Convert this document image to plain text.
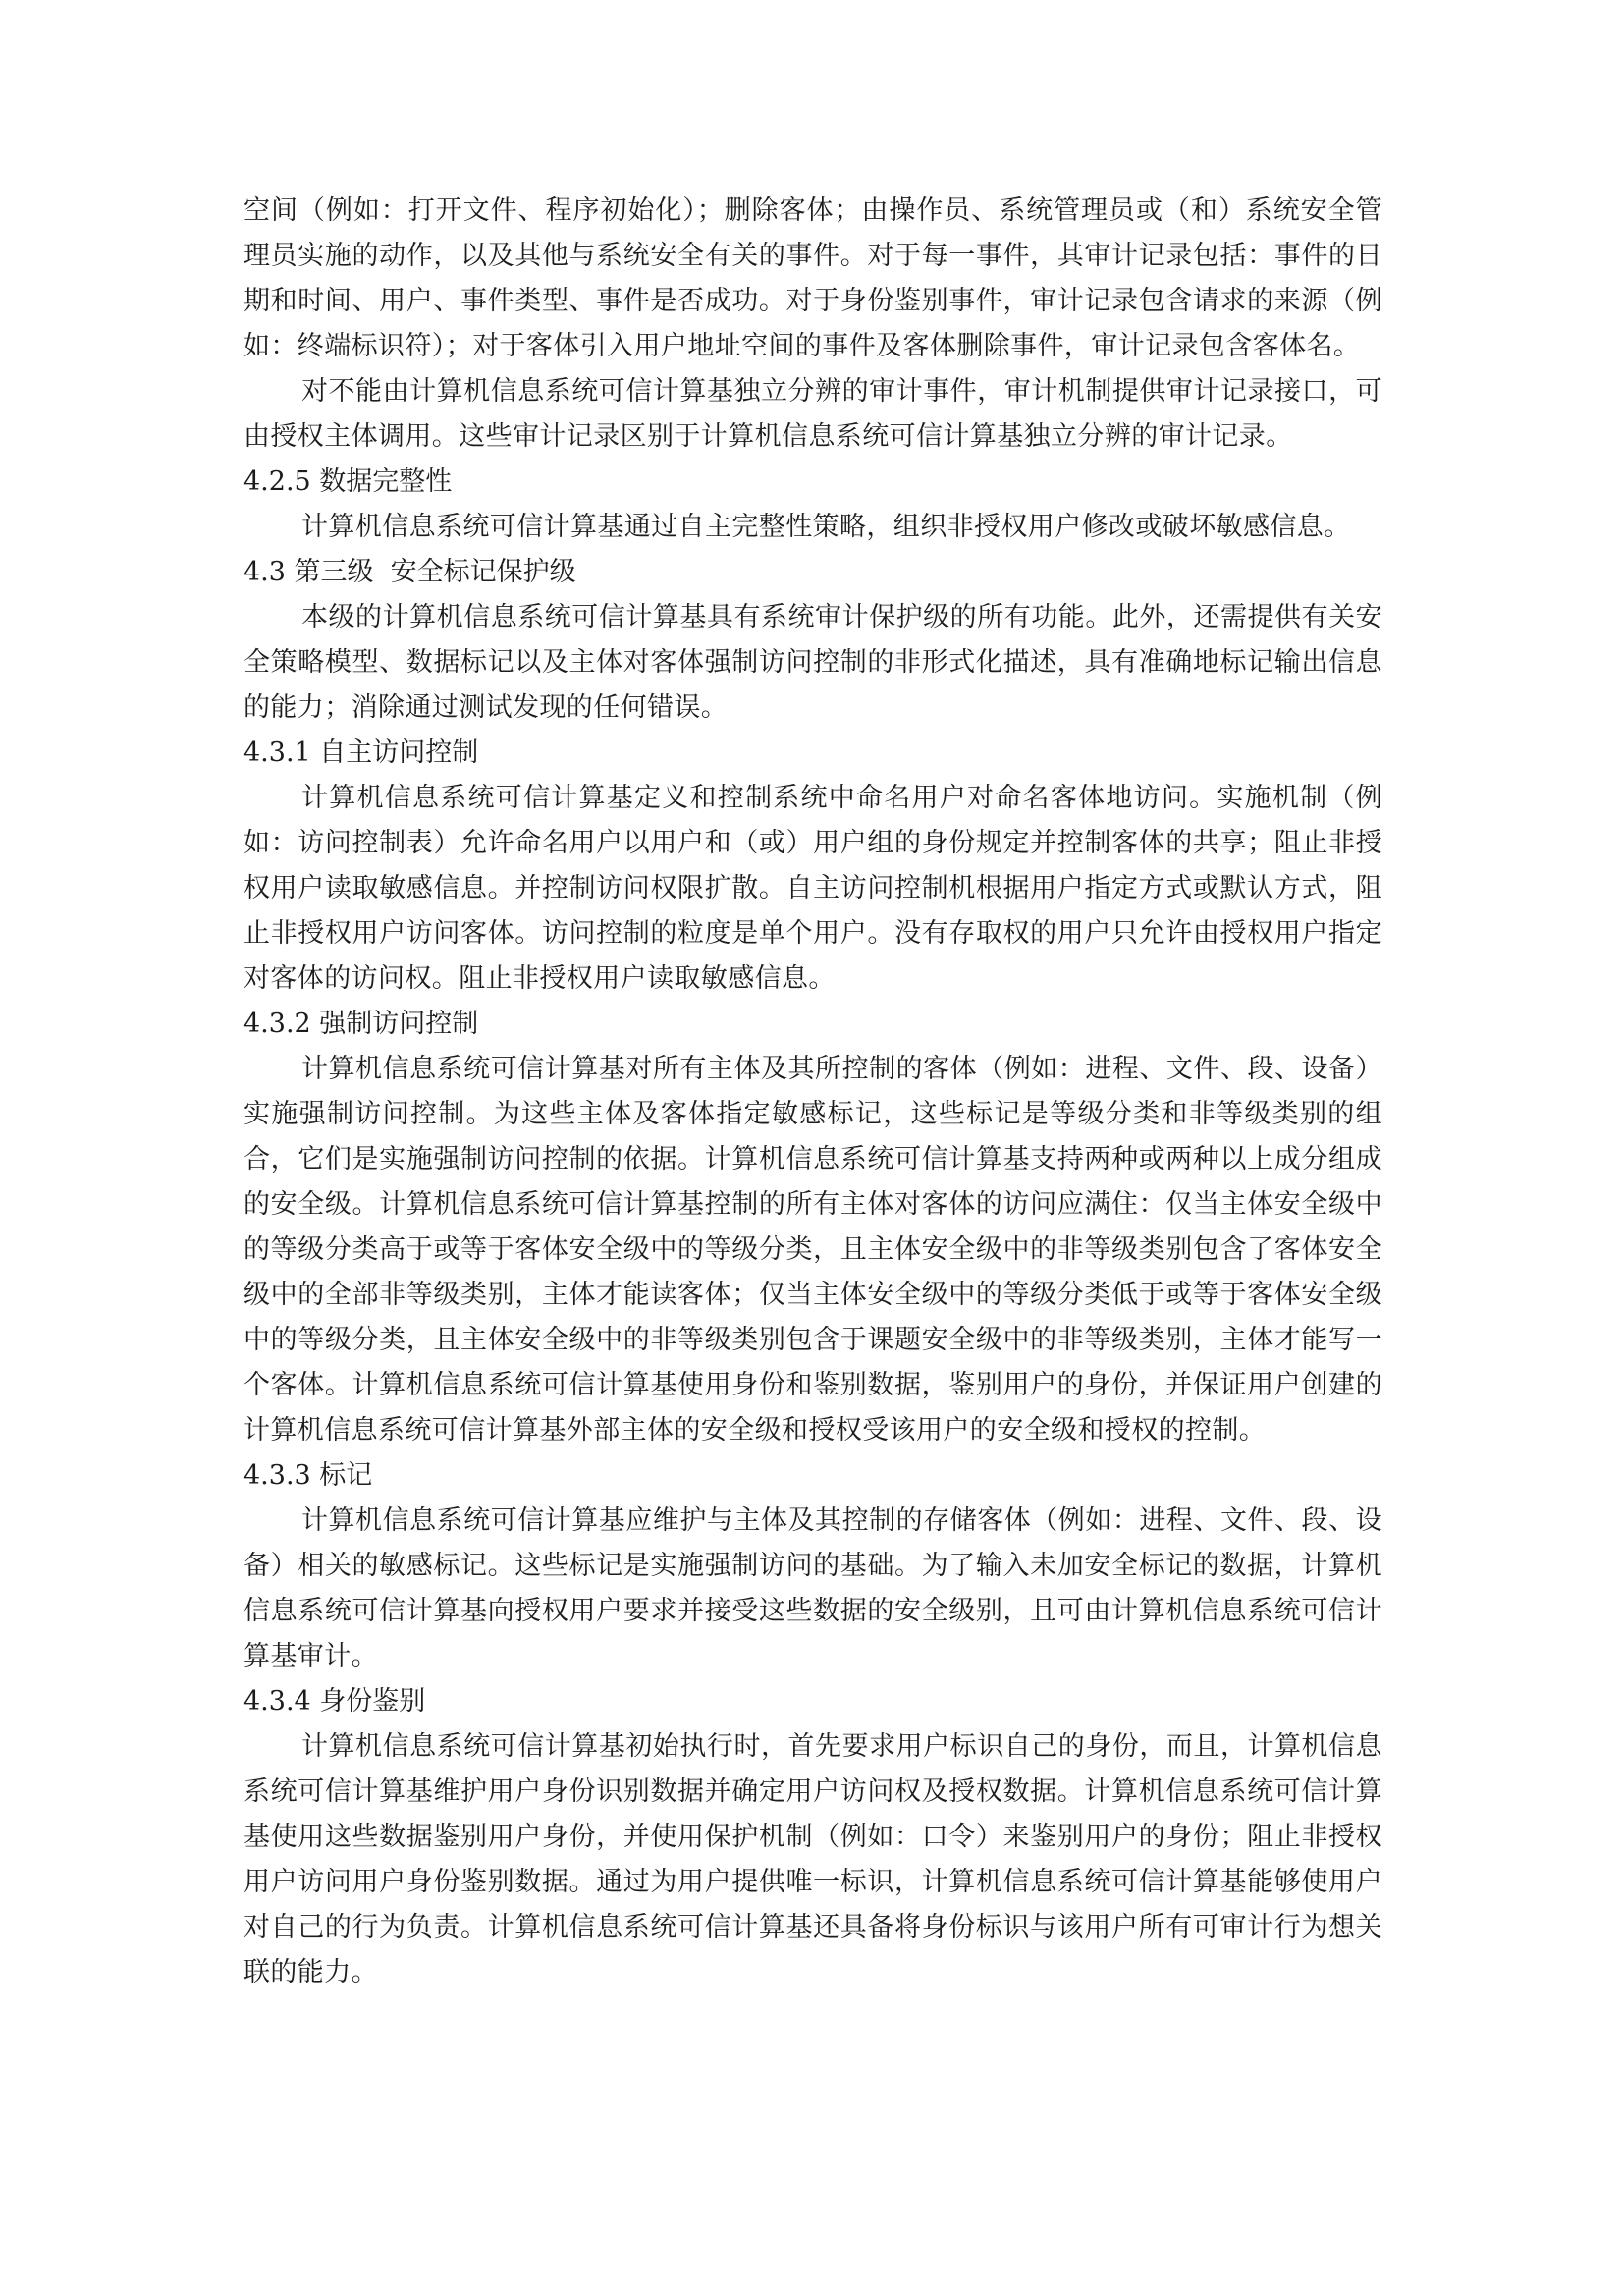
空间（例如：打开文件、程序初始化）；删除客体；由操作员、系统管理员或（和）系统安全管理员实施的动作，以及其他与系统安全有关的事件。对于每一事件，其审计记录包括：事件的日期和时间、用户、事件类型、事件是否成功。对于身份鉴别事件，审计记录包含请求的来源（例如：终端标识符）；对于客体引入用户地址空间的事件及客体删除事件，审计记录包含客体名。

对不能由计算机信息系统可信计算基独立分辨的审计事件，审计机制提供审计记录接口，可由授权主体调用。这些审计记录区别于计算机信息系统可信计算基独立分辨的审计记录。

4.2.5 数据完整性

计算机信息系统可信计算基通过自主完整性策略，组织非授权用户修改或破坏敏感信息。

4.3 第三级  安全标记保护级

本级的计算机信息系统可信计算基具有系统审计保护级的所有功能。此外，还需提供有关安全策略模型、数据标记以及主体对客体强制访问控制的非形式化描述，具有准确地标记输出信息的能力；消除通过测试发现的任何错误。

4.3.1 自主访问控制

计算机信息系统可信计算基定义和控制系统中命名用户对命名客体地访问。实施机制（例如：访问控制表）允许命名用户以用户和（或）用户组的身份规定并控制客体的共享；阻止非授权用户读取敏感信息。并控制访问权限扩散。自主访问控制机根据用户指定方式或默认方式，阻止非授权用户访问客体。访问控制的粒度是单个用户。没有存取权的用户只允许由授权用户指定对客体的访问权。阻止非授权用户读取敏感信息。

4.3.2 强制访问控制

计算机信息系统可信计算基对所有主体及其所控制的客体（例如：进程、文件、段、设备）实施强制访问控制。为这些主体及客体指定敏感标记，这些标记是等级分类和非等级类别的组合，它们是实施强制访问控制的依据。计算机信息系统可信计算基支持两种或两种以上成分组成的安全级。计算机信息系统可信计算基控制的所有主体对客体的访问应满住：仅当主体安全级中的等级分类高于或等于客体安全级中的等级分类，且主体安全级中的非等级类别包含了客体安全级中的全部非等级类别，主体才能读客体；仅当主体安全级中的等级分类低于或等于客体安全级中的等级分类，且主体安全级中的非等级类别包含于课题安全级中的非等级类别，主体才能写一个客体。计算机信息系统可信计算基使用身份和鉴别数据，鉴别用户的身份，并保证用户创建的计算机信息系统可信计算基外部主体的安全级和授权受该用户的安全级和授权的控制。

4.3.3 标记

计算机信息系统可信计算基应维护与主体及其控制的存储客体（例如：进程、文件、段、设备）相关的敏感标记。这些标记是实施强制访问的基础。为了输入未加安全标记的数据，计算机信息系统可信计算基向授权用户要求并接受这些数据的安全级别，且可由计算机信息系统可信计算基审计。

4.3.4 身份鉴别

计算机信息系统可信计算基初始执行时，首先要求用户标识自己的身份，而且，计算机信息系统可信计算基维护用户身份识别数据并确定用户访问权及授权数据。计算机信息系统可信计算基使用这些数据鉴别用户身份，并使用保护机制（例如：口令）来鉴别用户的身份；阻止非授权用户访问用户身份鉴别数据。通过为用户提供唯一标识，计算机信息系统可信计算基能够使用户对自己的行为负责。计算机信息系统可信计算基还具备将身份标识与该用户所有可审计行为想关联的能力。
